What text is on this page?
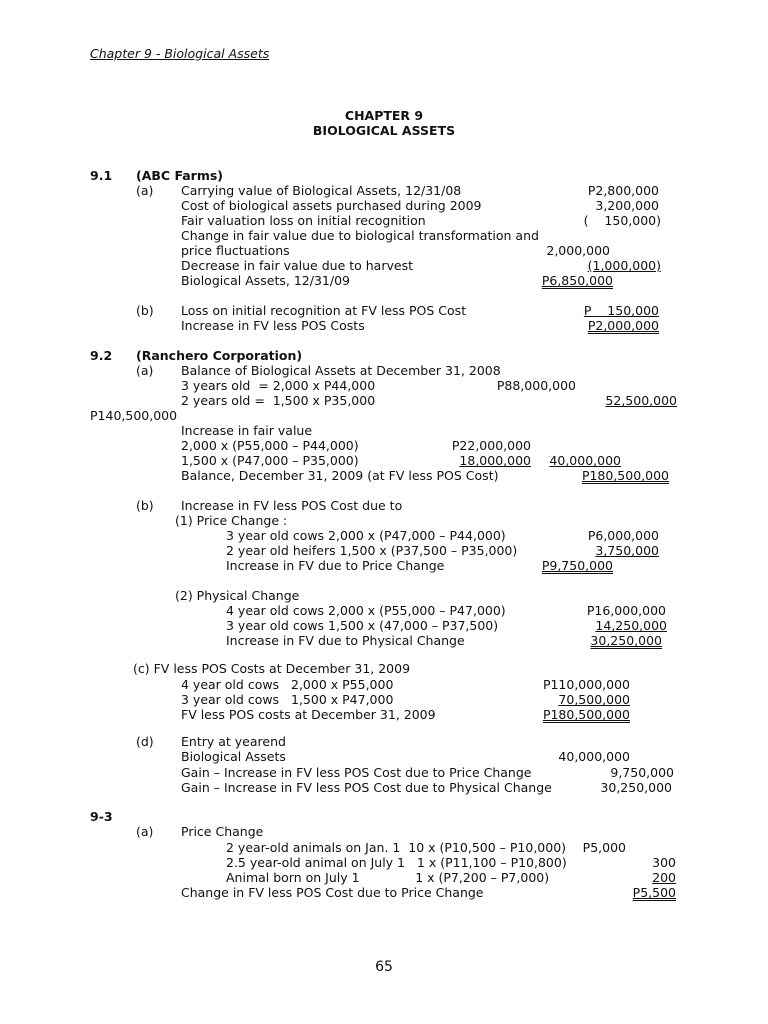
Chapter 9 - Biological Assets
CHAPTER 9
BIOLOGICAL ASSETS
9.1 (ABC Farms)
(a) Carrying value of Biological Assets, 12/31/08	P2,800,000
Cost of biological assets purchased during 2009	3,200,000
Fair valuation loss on initial recognition	(    150,000)
Change in fair value due to biological transformation and
price fluctuations	2,000,000
Decrease in fair value due to harvest	(1,000,000)
Biological Assets, 12/31/09	P6,850,000
(b) Loss on initial recognition at FV less POS Cost	P    150,000
Increase in FV less POS Costs	P2,000,000
9.2 (Ranchero Corporation)
(a) Balance of Biological Assets at December 31, 2008
3 years old  = 2,000 x P44,000	P88,000,000
2 years old =  1,500 x P35,000	52,500,000
P140,500,000
Increase in fair value
2,000 x (P55,000 – P44,000)	P22,000,000
1,500 x (P47,000 – P35,000)	18,000,000	40,000,000
Balance, December 31, 2009 (at FV less POS Cost)	P180,500,000
(b) Increase in FV less POS Cost due to
(1) Price Change :
3 year old cows 2,000 x (P47,000 – P44,000)	P6,000,000
2 year old heifers 1,500 x (P37,500 – P35,000)	3,750,000
Increase in FV due to Price Change	P9,750,000
(2) Physical Change
4 year old cows 2,000 x (P55,000 – P47,000)	P16,000,000
3 year old cows 1,500 x (47,000 – P37,500)	14,250,000
Increase in FV due to Physical Change	30,250,000
(c) FV less POS Costs at December 31, 2009
4 year old cows   2,000 x P55,000	P110,000,000
3 year old cows   1,500 x P47,000	70,500,000
FV less POS costs at December 31, 2009	P180,500,000
(d) Entry at yearend
Biological Assets	40,000,000
Gain – Increase in FV less POS Cost due to Price Change	9,750,000
Gain – Increase in FV less POS Cost due to Physical Change	30,250,000
9-3
(a) Price Change
2 year-old animals on Jan. 1  10 x (P10,500 – P10,000)	P5,000
2.5 year-old animal on July 1   1 x (P11,100 – P10,800)	300
Animal born on July 1              1 x (P7,200 – P7,000)	200
Change in FV less POS Cost due to Price Change	P5,500
65
